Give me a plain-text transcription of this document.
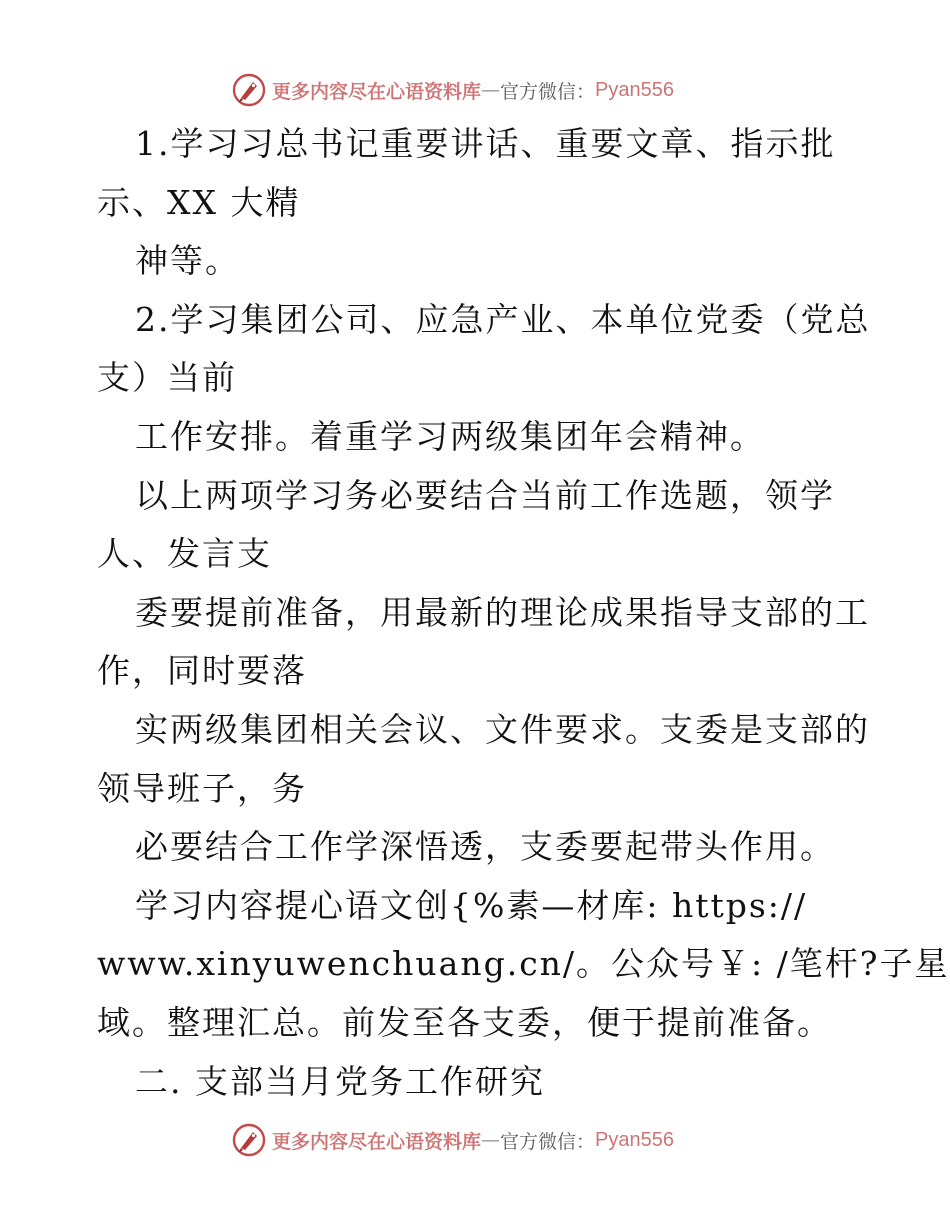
更多内容尽在心语资料库 — 官方微信： Pyan556
1.学习习总书记重要讲话、重要文章、指示批
示、XX 大精
神等。
2.学习集团公司、应急产业、本单位党委（党总
支）当前
工作安排。着重学习两级集团年会精神。
以上两项学习务必要结合当前工作选题，领学
人、发言支
委要提前准备，用最新的理论成果指导支部的工
作，同时要落
实两级集团相关会议、文件要求。支委是支部的
领导班子，务
必要结合工作学深悟透，支委要起带头作用。
学习内容提心语文创{%素—材库: https://
www.xinyuwenchuang.cn/。公众号￥: /笔杆?子星
域。整理汇总。前发至各支委，便于提前准备。
二. 支部当月党务工作研究
更多内容尽在心语资料库 — 官方微信： Pyan556
